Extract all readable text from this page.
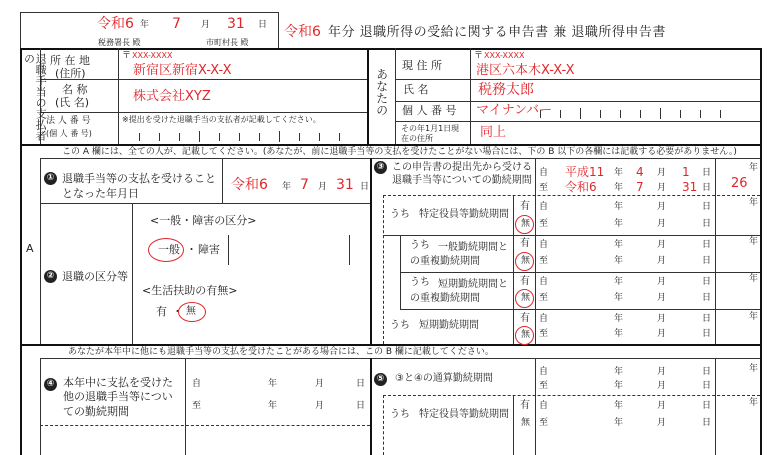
令和6 年 7 月 31 日
税務署長 殿	市町村長 殿
令和6 年分 退職所得の受給に関する申告書 兼 退職所得申告書
退職手当の支払者の	所 在 地
(住所)
〒 XXX-XXXX
新宿区新宿X-X-X
名 称
(氏 名)	株式会社XYZ
法 人 番 号
(個 人 番 号)
※提出を受けた退職手当の支払者が記載してください。
あなたの
現 住 所
〒 XXX-XXXX
港区六本木X-X-X
氏 名	税務太郎
個 人 番 号 マイナンバー
その年1月1日現在の住所	同上
この A 欄には、全ての人が、記載してください。(あなたが、前に退職手当等の支払を受けたことがない場合には、下の B 以下の各欄には記載する必要がありません。)
A
① 退職手当等の支払を受けることとなった年月日
令和6 年 7 月 31 日
② 退職の区分等
<一般・障害の区分>
一般 ・ 障害
<生活扶助の有無>
有 ・ 無
③ この申告書の提出先から受ける退職手当等についての勤続期間
自 平成11 年 4 月 1 日
至 令和6 年 7 月 31 日
年
26
うち 特定役員等勤続期間
有
無
自	年	月	日
至	年	月	日
年
うち 一般勤続期間との重複勤続期間
有
無
自	年	月	日
至	年	月	日
年
うち 短期勤続期間との重複勤続期間
有
無
自	年	月	日
至	年	月	日
年
うち 短期勤続期間
有
無
自	年	月	日
至	年	月	日
年
あなたが本年中に他にも退職手当等の支払を受けたことがある場合には、この B 欄に記載してください。
④ 本年中に支払を受けた他の退職手当等についての勤続期間
自	年	月	日
至	年	月	日
⑤ ③と④の通算勤続期間
自	年	月	日
至	年	月	日
年
うち 特定役員等勤続期間
有
無
自	年	月	日
至	年	月	日
年
